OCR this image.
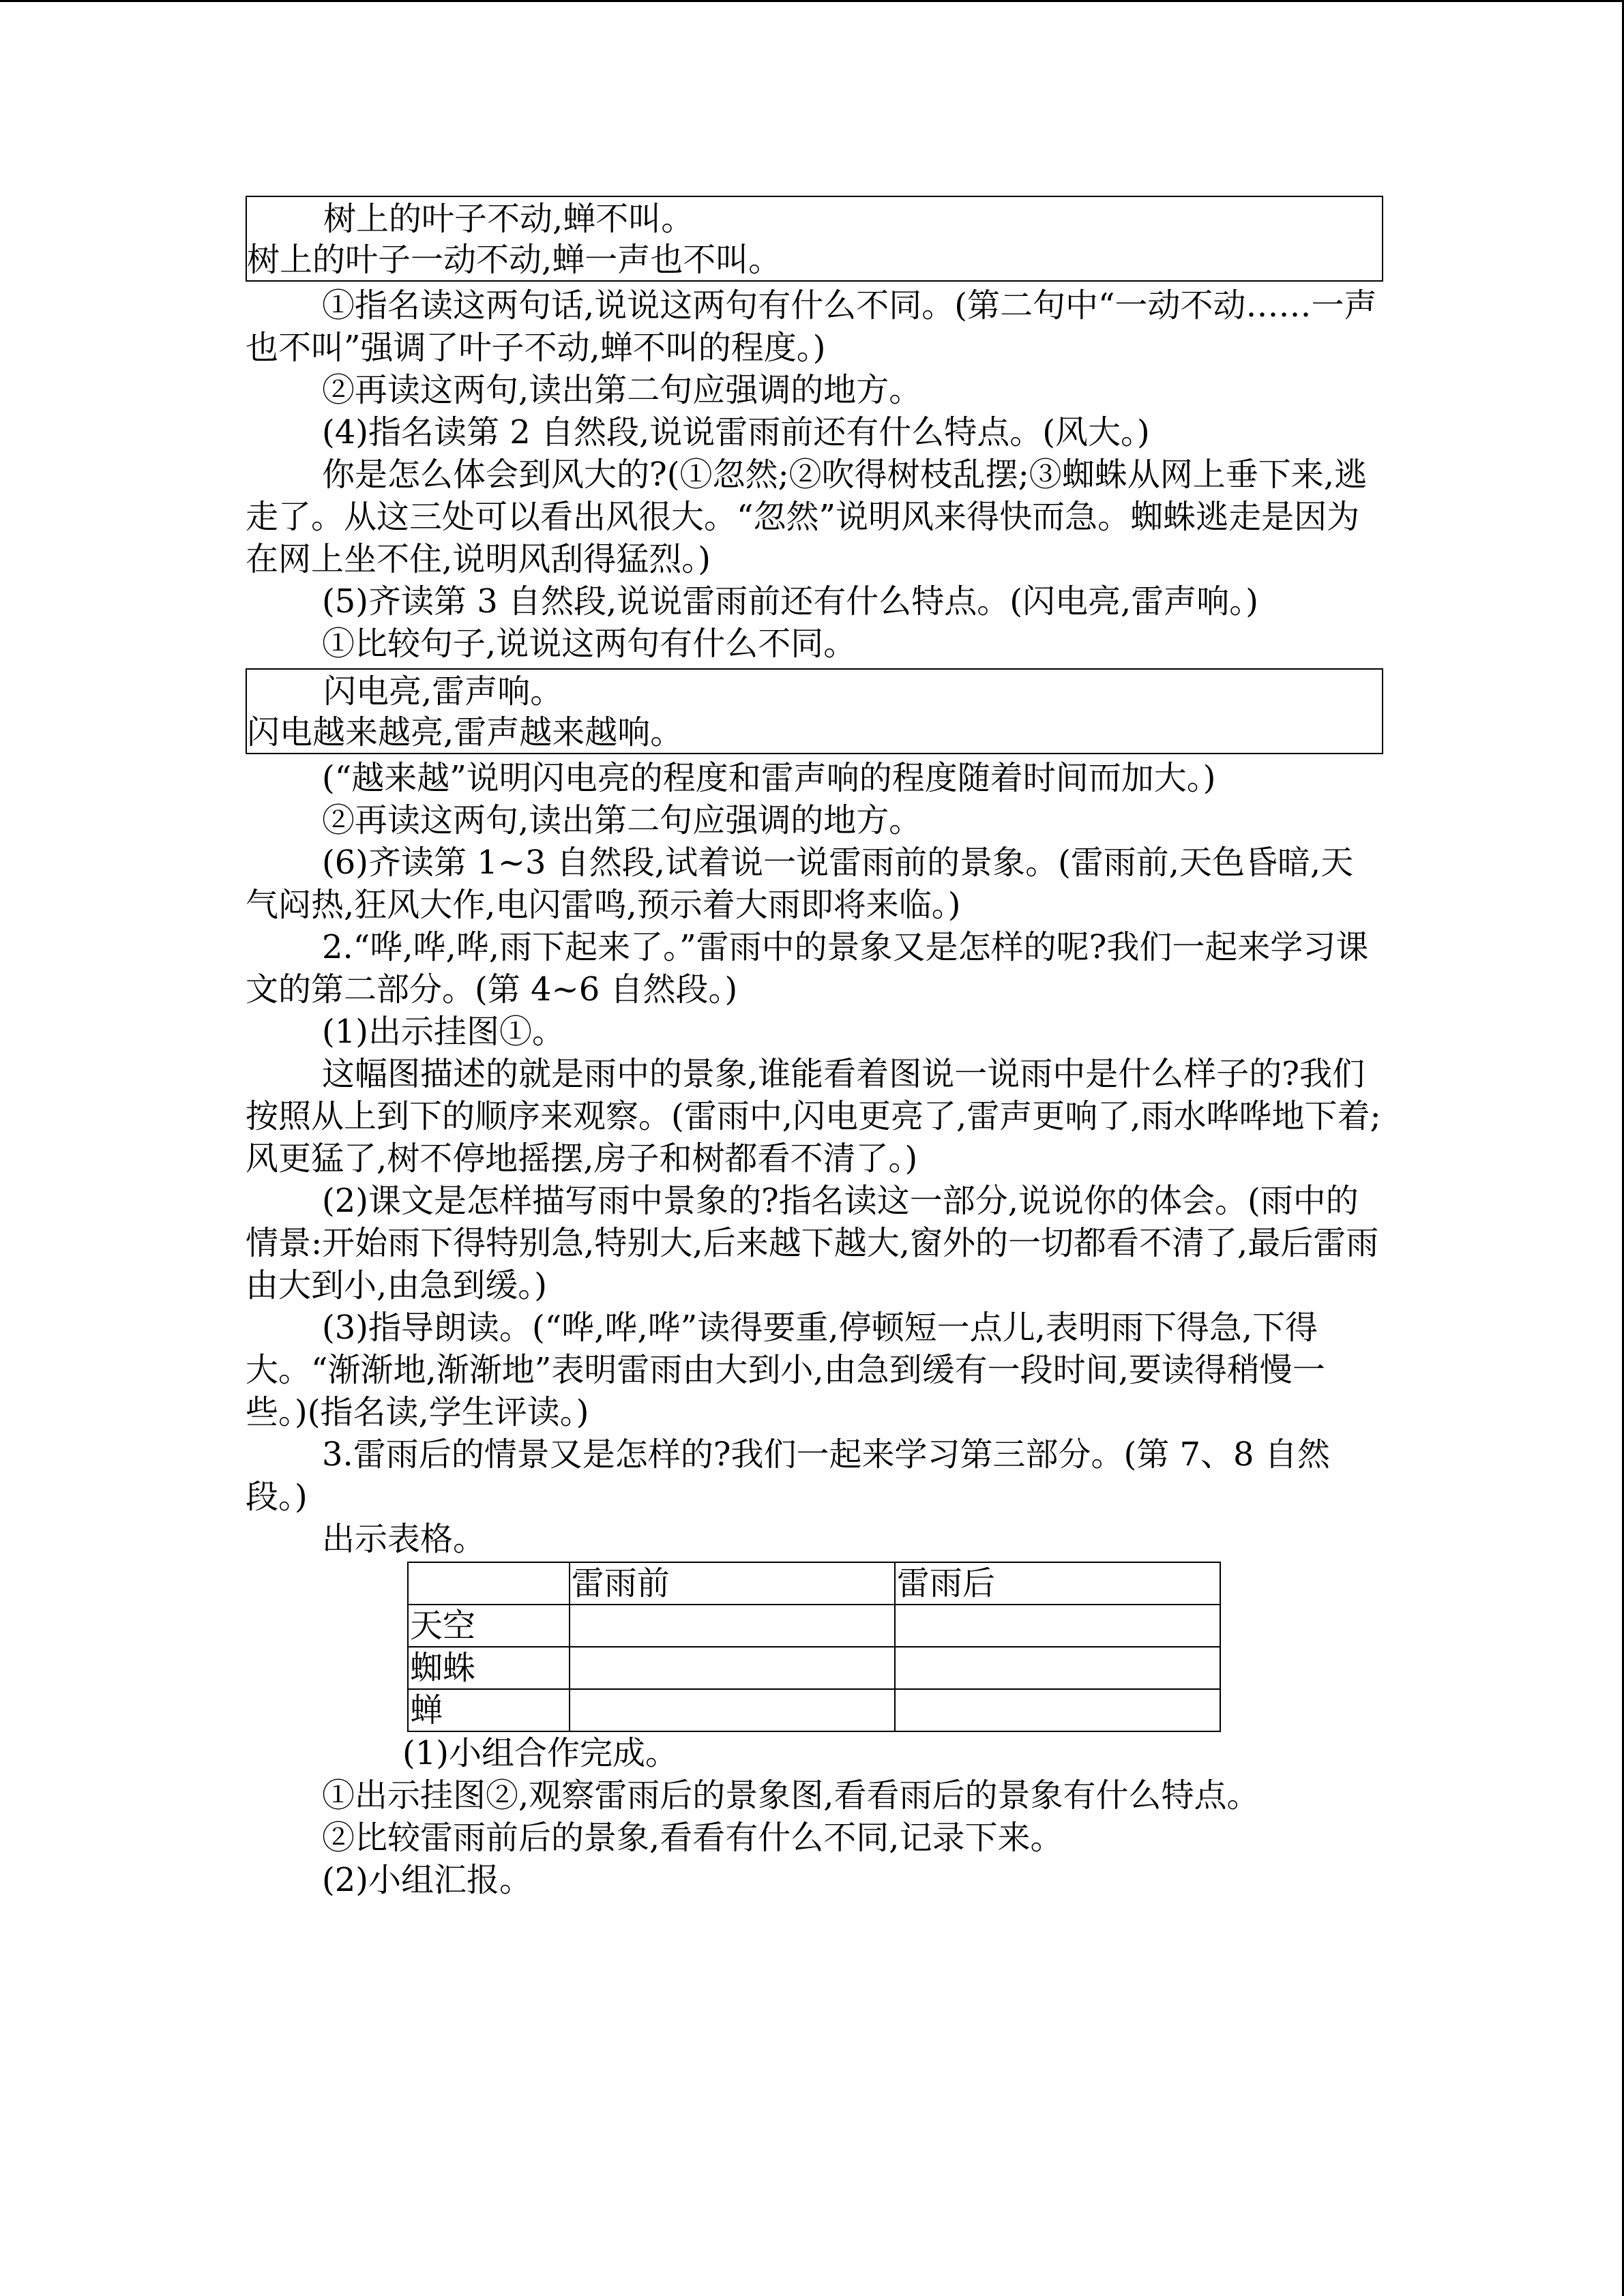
树上的叶子不动,蝉不叫。

树上的叶子一动不动,蝉一声也不叫。

①指名读这两句话,说说这两句有什么不同。(第二句中“一动不动……一声也不叫”强调了叶子不动,蝉不叫的程度。)

②再读这两句,读出第二句应强调的地方。

(4)指名读第 2 自然段,说说雷雨前还有什么特点。(风大。)

你是怎么体会到风大的?(①忽然;②吹得树枝乱摆;③蜘蛛从网上垂下来,逃走了。从这三处可以看出风很大。“忽然”说明风来得快而急。蜘蛛逃走是因为在网上坐不住,说明风刮得猛烈。)

(5)齐读第 3 自然段,说说雷雨前还有什么特点。(闪电亮,雷声响。)

①比较句子,说说这两句有什么不同。

闪电亮,雷声响。

闪电越来越亮,雷声越来越响。

(“越来越”说明闪电亮的程度和雷声响的程度随着时间而加大。)

②再读这两句,读出第二句应强调的地方。

(6)齐读第 1~3 自然段,试着说一说雷雨前的景象。(雷雨前,天色昏暗,天气闷热,狂风大作,电闪雷鸣,预示着大雨即将来临。)

2.“哗,哗,哗,雨下起来了。”雷雨中的景象又是怎样的呢?我们一起来学习课文的第二部分。(第 4~6 自然段。)

(1)出示挂图①。

这幅图描述的就是雨中的景象,谁能看着图说一说雨中是什么样子的?我们按照从上到下的顺序来观察。(雷雨中,闪电更亮了,雷声更响了,雨水哗哗地下着;风更猛了,树不停地摇摆,房子和树都看不清了。)

(2)课文是怎样描写雨中景象的?指名读这一部分,说说你的体会。(雨中的情景:开始雨下得特别急,特别大,后来越下越大,窗外的一切都看不清了,最后雷雨由大到小,由急到缓。)

(3)指导朗读。(“哗,哗,哗”读得要重,停顿短一点儿,表明雨下得急,下得大。“渐渐地,渐渐地”表明雷雨由大到小,由急到缓有一段时间,要读得稍慢一些。)(指名读,学生评读。)

3.雷雨后的情景又是怎样的?我们一起来学习第三部分。(第 7、8 自然段。)

出示表格。

	雷雨前	雷雨后
天空		
蜘蛛		
蝉		

(1)小组合作完成。

①出示挂图②,观察雷雨后的景象图,看看雨后的景象有什么特点。

②比较雷雨前后的景象,看看有什么不同,记录下来。

(2)小组汇报。
